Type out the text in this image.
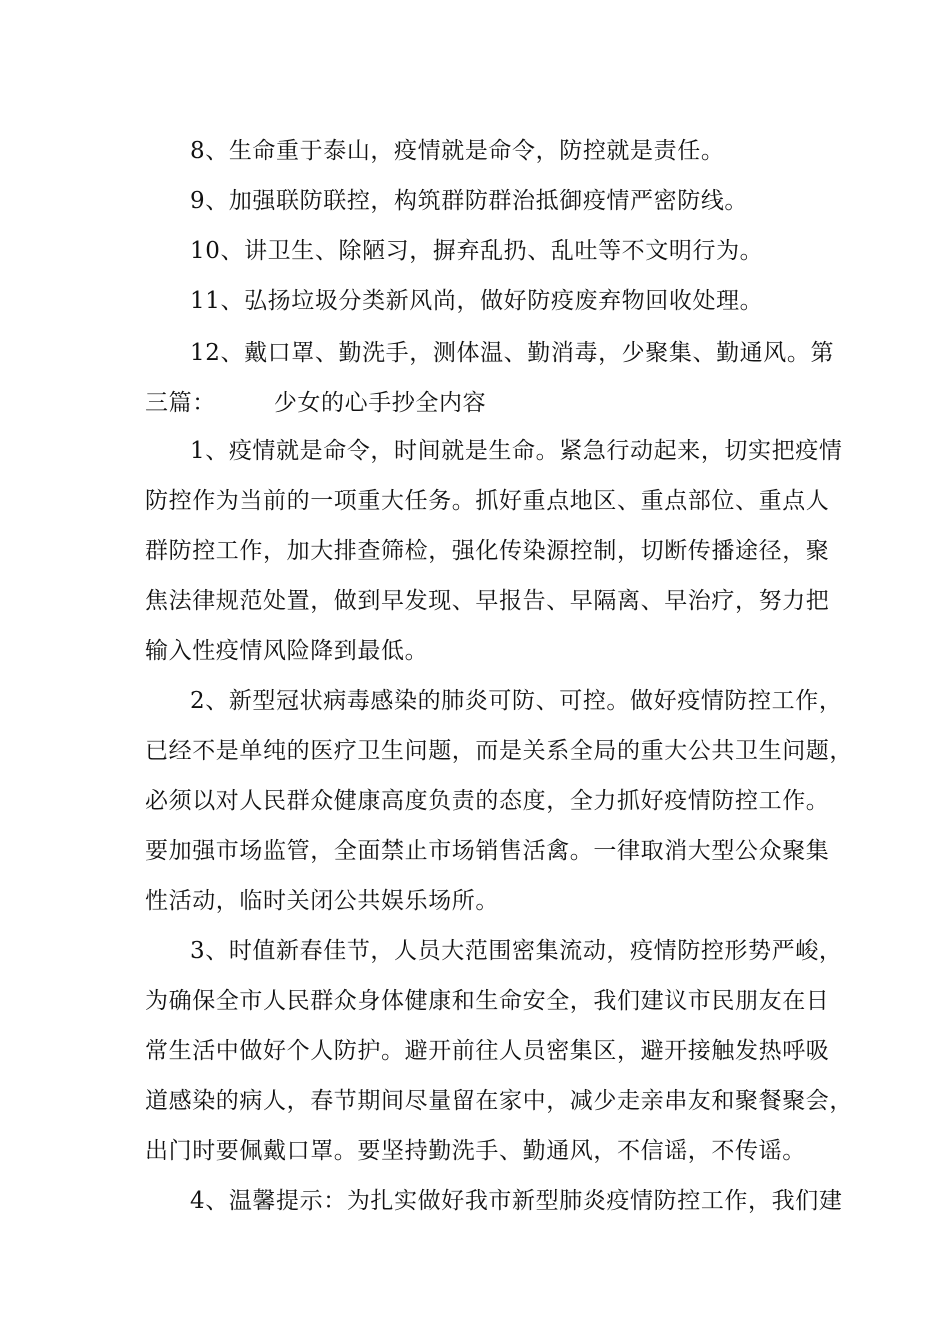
8、生命重于泰山，疫情就是命令，防控就是责任。
9、加强联防联控，构筑群防群治抵御疫情严密防线。
10、讲卫生、除陋习，摒弃乱扔、乱吐等不文明行为。
11、弘扬垃圾分类新风尚，做好防疫废弃物回收处理。
12、戴口罩、勤洗手，测体温、勤消毒，少聚集、勤通风。第
三篇：	少女的心手抄全内容
1、疫情就是命令，时间就是生命。紧急行动起来，切实把疫情
防控作为当前的一项重大任务。抓好重点地区、重点部位、重点人
群防控工作，加大排查筛检，强化传染源控制，切断传播途径，聚
焦法律规范处置，做到早发现、早报告、早隔离、早治疗，努力把
输入性疫情风险降到最低。
2、新型冠状病毒感染的肺炎可防、可控。做好疫情防控工作，
已经不是单纯的医疗卫生问题，而是关系全局的重大公共卫生问题，
必须以对人民群众健康高度负责的态度，全力抓好疫情防控工作。
要加强市场监管，全面禁止市场销售活禽。一律取消大型公众聚集
性活动，临时关闭公共娱乐场所。
3、时值新春佳节，人员大范围密集流动，疫情防控形势严峻，
为确保全市人民群众身体健康和生命安全，我们建议市民朋友在日
常生活中做好个人防护。避开前往人员密集区，避开接触发热呼吸
道感染的病人，春节期间尽量留在家中，减少走亲串友和聚餐聚会，
出门时要佩戴口罩。要坚持勤洗手、勤通风，不信谣，不传谣。
4、温馨提示：为扎实做好我市新型肺炎疫情防控工作，我们建
